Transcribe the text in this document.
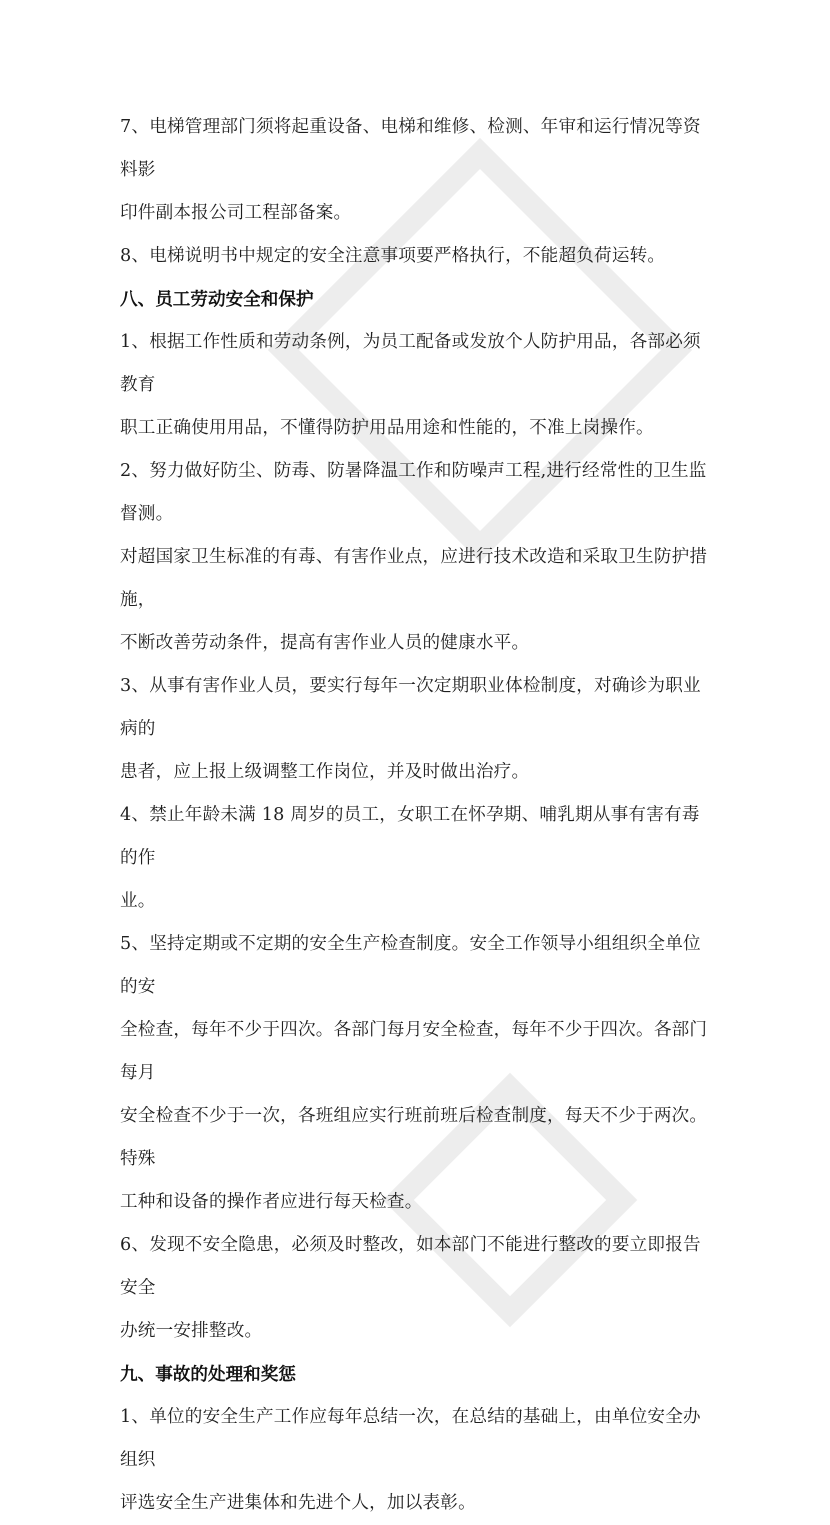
7、电梯管理部门须将起重设备、电梯和维修、检测、年审和运行情况等资料影

印件副本报公司工程部备案。

8、电梯说明书中规定的安全注意事项要严格执行，不能超负荷运转。

八、员工劳动安全和保护

1、根据工作性质和劳动条例，为员工配备或发放个人防护用品，各部必须教育

职工正确使用用品，不懂得防护用品用途和性能的，不准上岗操作。

2、努力做好防尘、防毒、防暑降温工作和防噪声工程,进行经常性的卫生监督测。

对超国家卫生标准的有毒、有害作业点，应进行技术改造和采取卫生防护措施，

不断改善劳动条件，提高有害作业人员的健康水平。

3、从事有害作业人员，要实行每年一次定期职业体检制度，对确诊为职业病的

患者，应上报上级调整工作岗位，并及时做出治疗。

4、禁止年龄未满 18 周岁的员工，女职工在怀孕期、哺乳期从事有害有毒的作

业。

5、坚持定期或不定期的安全生产检查制度。安全工作领导小组组织全单位的安

全检查，每年不少于四次。各部门每月安全检查，每年不少于四次。各部门每月

安全检查不少于一次，各班组应实行班前班后检查制度，每天不少于两次。特殊

工种和设备的操作者应进行每天检查。

6、发现不安全隐患，必须及时整改，如本部门不能进行整改的要立即报告安全

办统一安排整改。

九、事故的处理和奖惩

1、单位的安全生产工作应每年总结一次，在总结的基础上，由单位安全办组织

评选安全生产进集体和先进个人，加以表彰。
